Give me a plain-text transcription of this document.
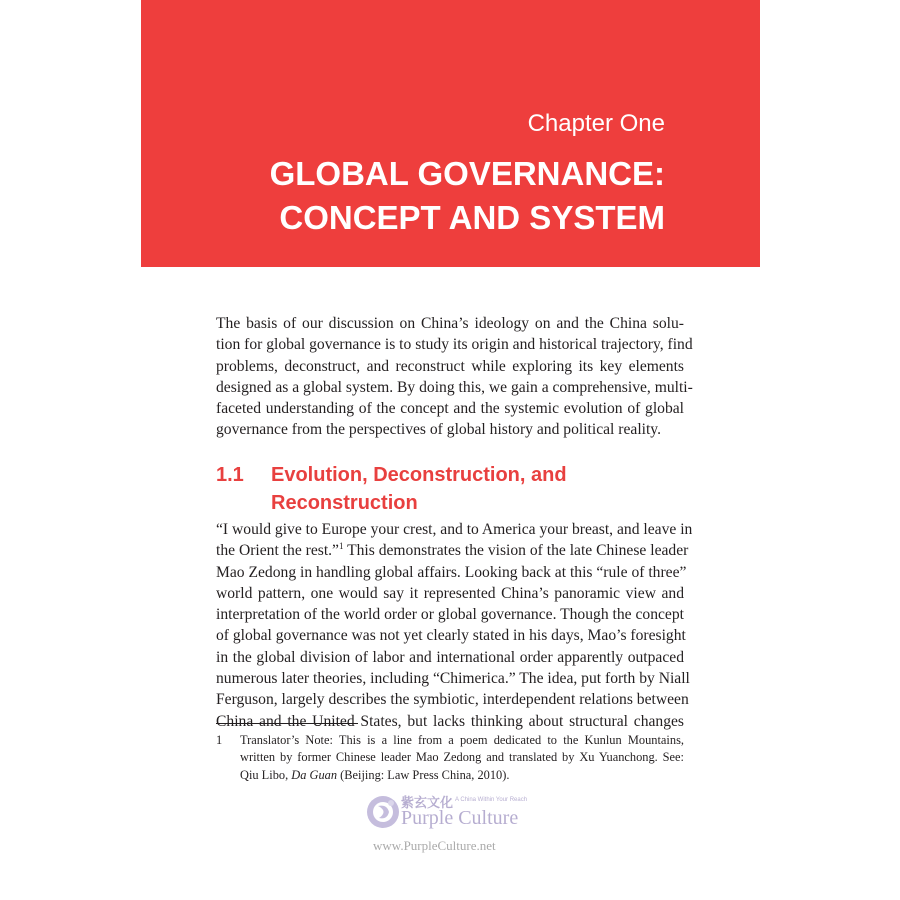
Chapter One
GLOBAL GOVERNANCE:
CONCEPT AND SYSTEM

The basis of our discussion on China’s ideology on and the China solu-
tion for global governance is to study its origin and historical trajectory, find
problems, deconstruct, and reconstruct while exploring its key elements
designed as a global system. By doing this, we gain a comprehensive, multi-
faceted understanding of the concept and the systemic evolution of global
governance from the perspectives of global history and political reality.

1.1 Evolution, Deconstruction, and
Reconstruction

“I would give to Europe your crest, and to America your breast, and leave in
the Orient the rest.”$^1$ This demonstrates the vision of the late Chinese leader
Mao Zedong in handling global affairs. Looking back at this “rule of three”
world pattern, one would say it represented China’s panoramic view and
interpretation of the world order or global governance. Though the concept
of global governance was not yet clearly stated in his days, Mao’s foresight
in the global division of labor and international order apparently outpaced
numerous later theories, including “Chimerica.” The idea, put forth by Niall
Ferguson, largely describes the symbiotic, interdependent relations between
China and the United States, but lacks thinking about structural changes

1 Translator’s Note: This is a line from a poem dedicated to the Kunlun Mountains,
written by former Chinese leader Mao Zedong and translated by Xu Yuanchong. See:
Qiu Libo, Da Guan (Beijing: Law Press China, 2010).
紫玄文化 A China Within Your Reach
Purple Culture
www.PurpleCulture.net
